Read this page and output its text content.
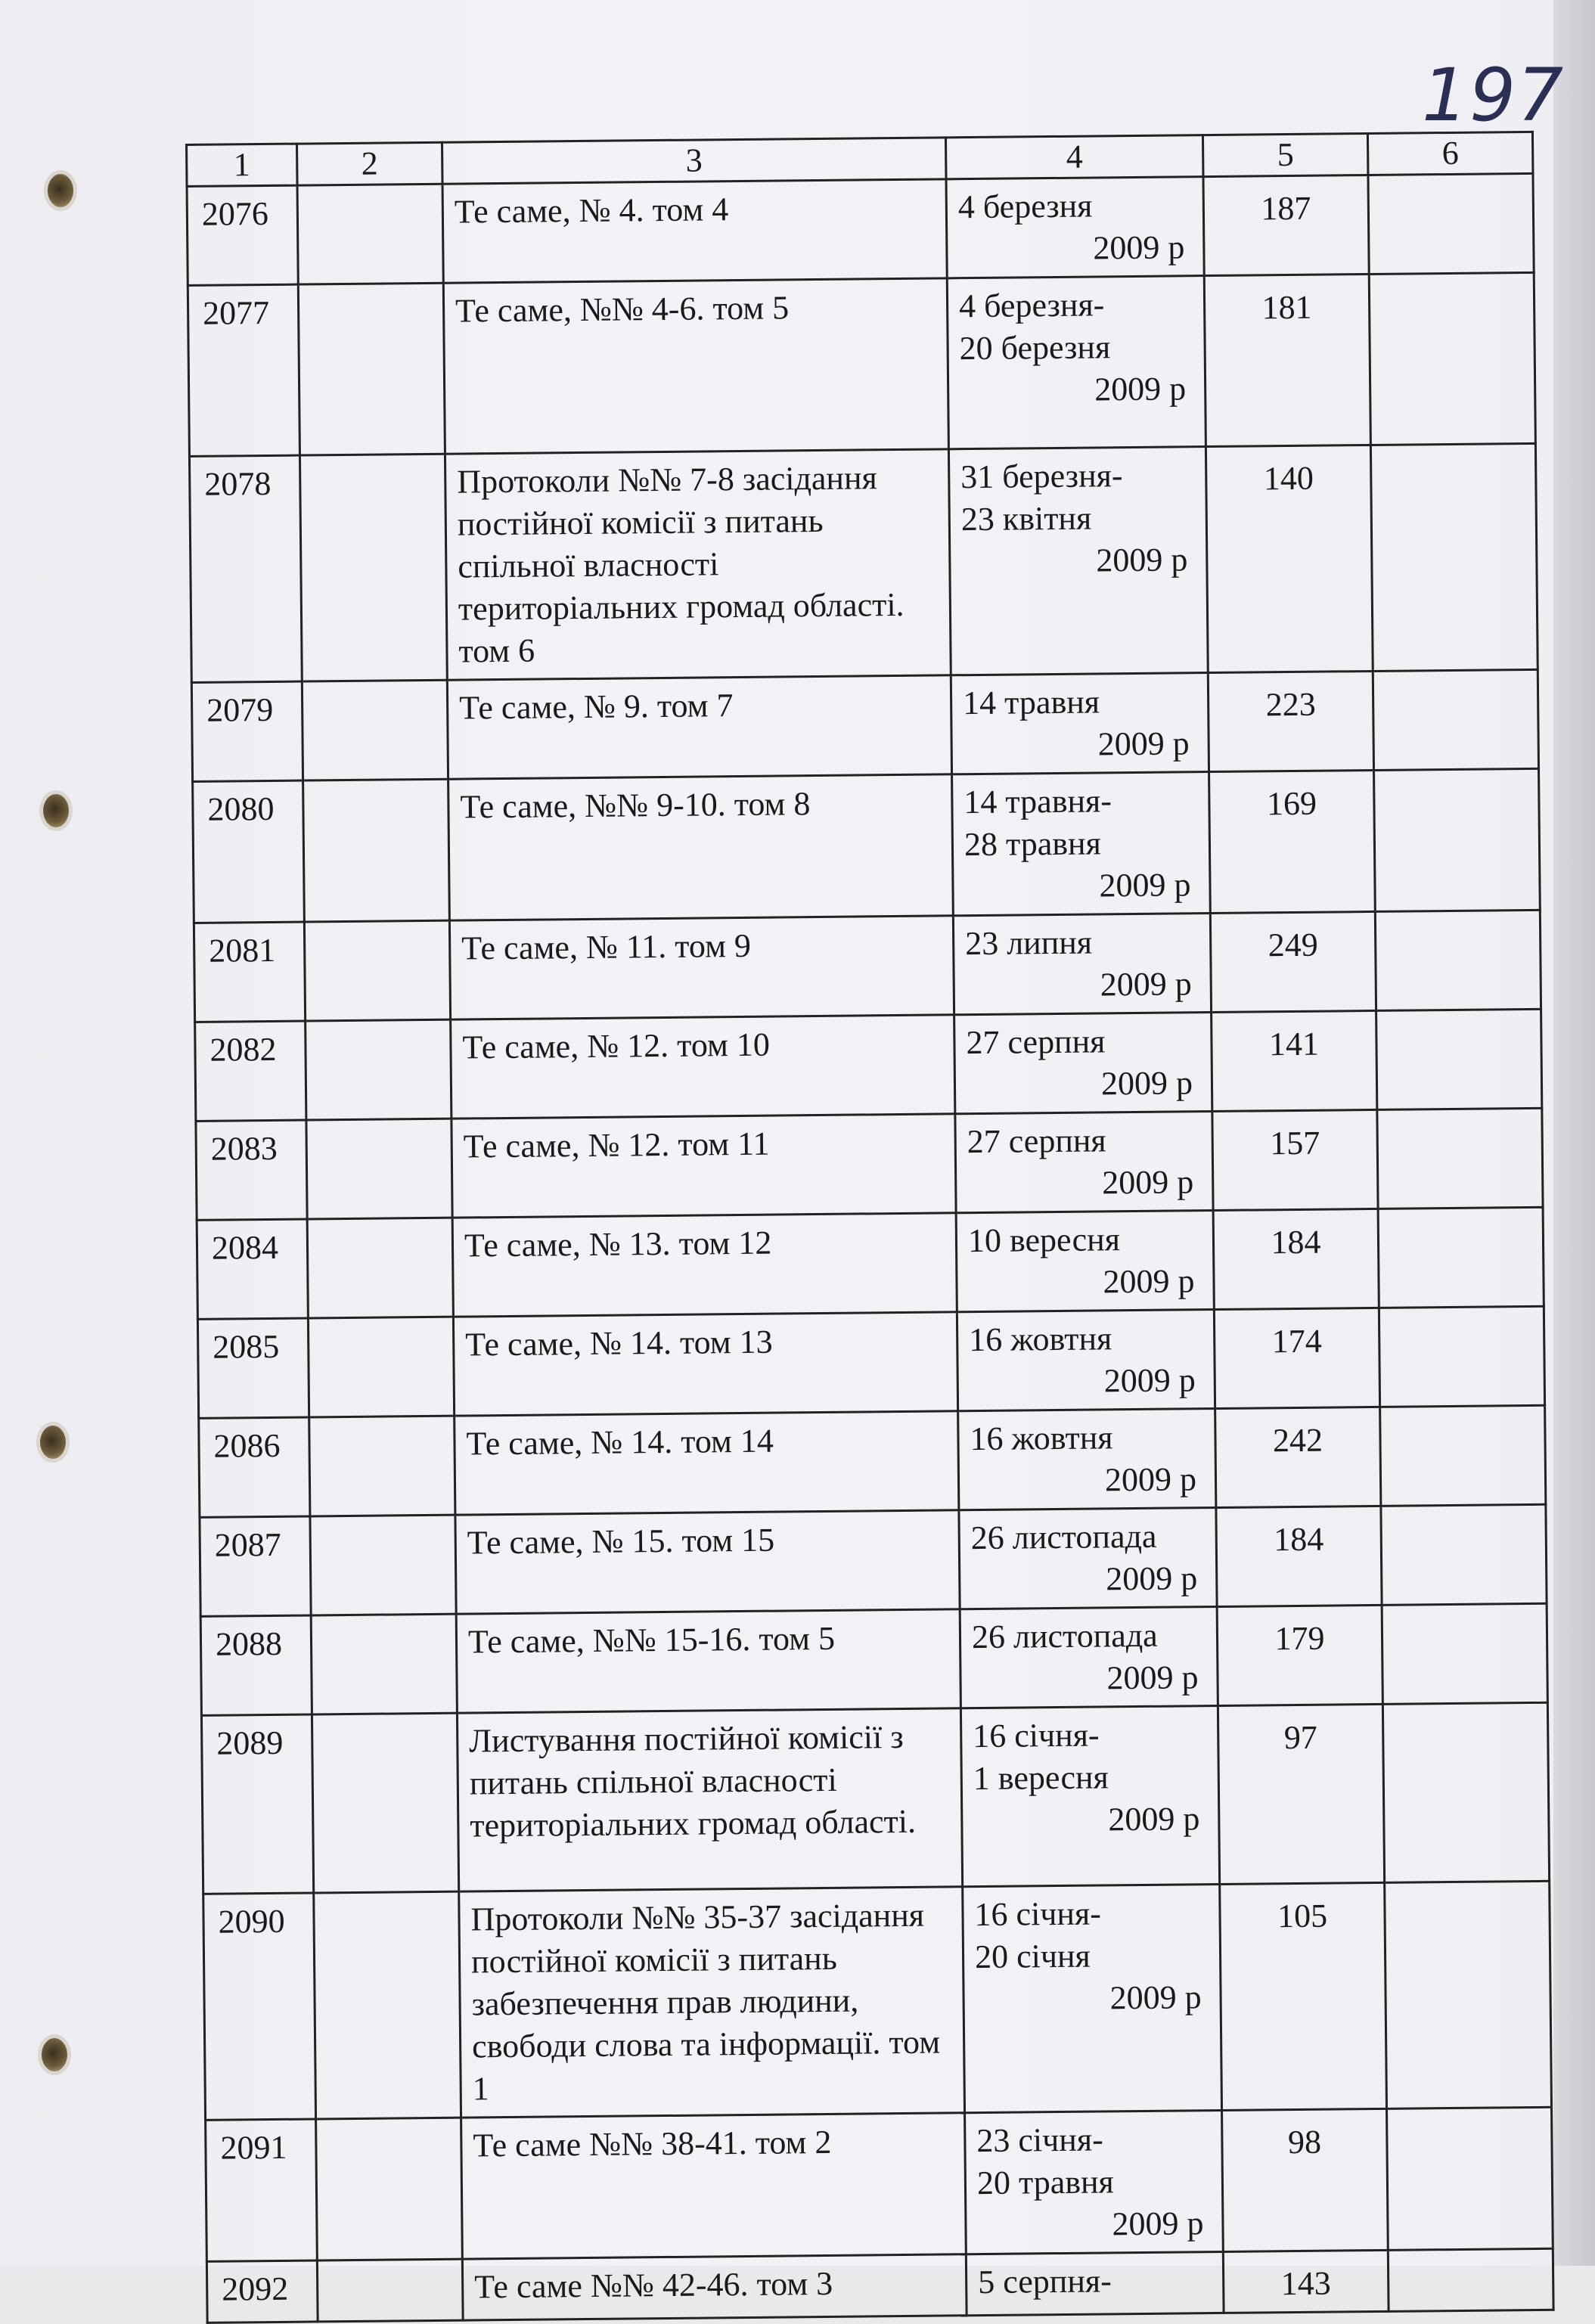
197
1	2	3	4	5	6
2076		Те саме, № 4. том 4	4 березня
2009 р	187	
2077		Те саме, №№ 4-6. том 5	4 березня-
20 березня
2009 р	181	
2078		Протоколи №№ 7-8 засідання постійної комісії з питань спільної власності територіальних громад області. том 6	31 березня-
23 квітня
2009 р	140	
2079		Те саме, № 9. том 7	14 травня
2009 р	223	
2080		Те саме, №№ 9-10. том 8	14 травня-
28 травня
2009 р	169	
2081		Те саме, № 11. том 9	23 липня
2009 р	249	
2082		Те саме, № 12. том 10	27 серпня
2009 р	141	
2083		Те саме, № 12. том 11	27 серпня
2009 р	157	
2084		Те саме, № 13. том 12	10 вересня
2009 р	184	
2085		Те саме, № 14. том 13	16 жовтня
2009 р	174	
2086		Те саме, № 14. том 14	16 жовтня
2009 р	242	
2087		Те саме, № 15. том 15	26 листопада
2009 р	184	
2088		Те саме, №№ 15-16. том 5	26 листопада
2009 р	179	
2089		Листування постійної комісії з питань спільної власності територіальних громад області.	16 січня-
1 вересня
2009 р	97	
2090		Протоколи №№ 35-37 засідання постійної комісії з питань забезпечення прав людини, свободи слова та інформації. том 1	16 січня-
20 січня
2009 р	105	
2091		Те саме №№ 38-41. том 2	23 січня-
20 травня
2009 р	98	
2092		Те саме №№ 42-46. том 3	5 серпня-	143	
